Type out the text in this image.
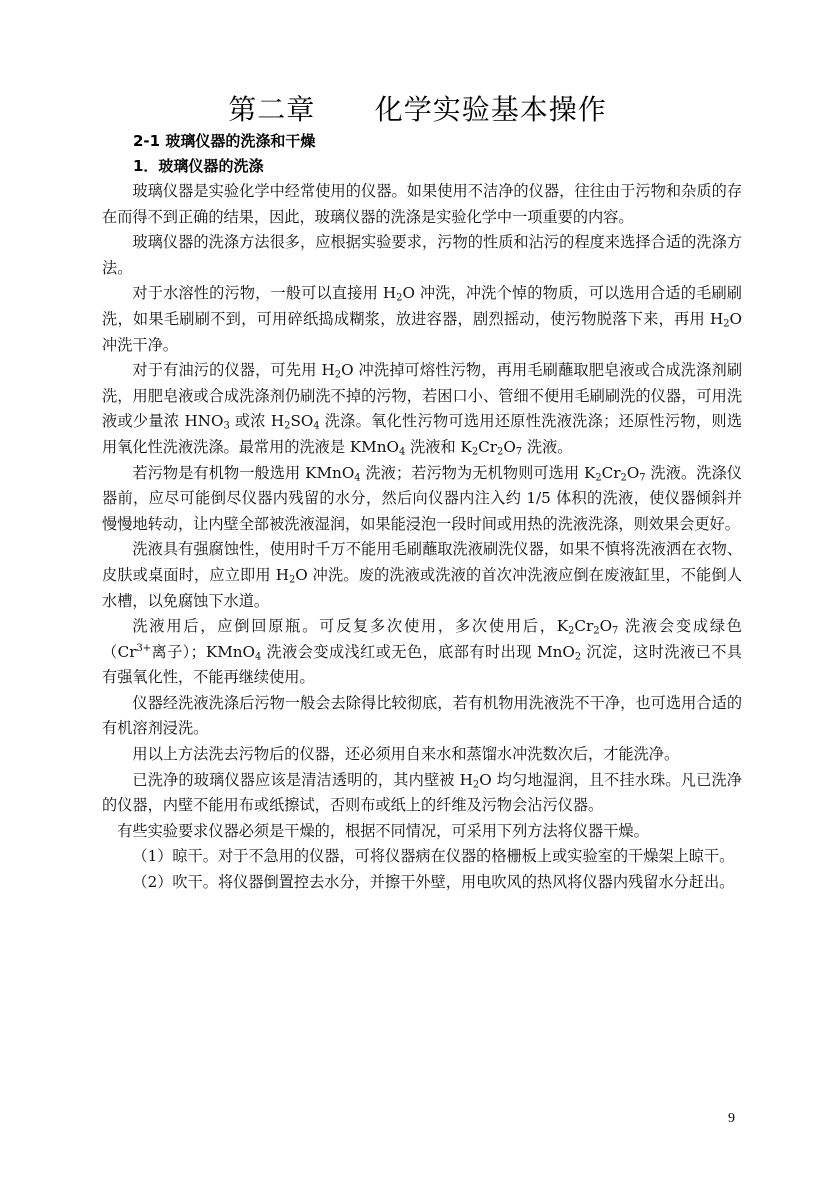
第二章      化学实验基本操作
2-1 玻璃仪器的洗涤和干燥
1．玻璃仪器的洗涤

玻璃仪器是实验化学中经常使用的仪器。如果使用不洁净的仪器，往往由于污物和杂质的存在而得不到正确的结果，因此，玻璃仪器的洗涤是实验化学中一项重要的内容。

玻璃仪器的洗涤方法很多，应根据实验要求，污物的性质和沾污的程度来选择合适的洗涤方法。

对于水溶性的污物，一般可以直接用 $H_2O$ 冲洗，冲洗个悼的物质，可以选用合适的毛刷刷洗，如果毛刷刷不到，可用碎纸捣成糊浆，放进容器，剧烈摇动，使污物脱落下来，再用 $H_2O$ 冲洗干净。

对于有油污的仪器，可先用 $H_2O$ 冲洗掉可熔性污物，再用毛刷蘸取肥皂液或合成洗涤剂刷洗，用肥皂液或合成洗涤剂仍刷洗不掉的污物，若困口小、管细不便用毛刷刷洗的仪器，可用洗液或少量浓 $HNO_3$ 或浓 $H_2SO_4$ 洗涤。氧化性污物可选用还原性洗液洗涤；还原性污物，则选用氧化性洗液洗涤。最常用的洗液是 KMnO$_4$ 洗液和 $K_2Cr_2O_7$ 洗液。

若污物是有机物一般选用 KMnO$_4$ 洗液；若污物为无机物则可选用 $K_2Cr_2O_7$ 洗液。洗涤仪器前，应尽可能倒尽仪器内残留的水分，然后向仪器内注入约 1/5 体积的洗液，使仪器倾斜并慢慢地转动，让内壁全部被洗液湿润，如果能浸泡一段时间或用热的洗液洗涤，则效果会更好。

洗液具有强腐蚀性，使用时千万不能用毛刷蘸取洗液刷洗仪器，如果不慎将洗液洒在衣物、皮肤或桌面时，应立即用 $H_2O$ 冲洗。废的洗液或洗液的首次冲洗液应倒在废液缸里，不能倒人水槽，以免腐蚀下水道。

洗液用后，应倒回原瓶。可反复多次使用，多次使用后，$K_2Cr_2O_7$ 洗液会变成绿色（$Cr^{3+}$离子）；KMnO$_4$ 洗液会变成浅红或无色，底部有时出现 MnO$_2$ 沉淀，这时洗液已不具有强氧化性，不能再继续使用。

仪器经洗液洗涤后污物一般会去除得比较彻底，若有机物用洗液洗不干净，也可选用合适的有机溶剂浸洗。

用以上方法洗去污物后的仪器，还必须用自来水和蒸馏水冲洗数次后，才能洗净。

已洗净的玻璃仪器应该是清洁透明的，其内壁被 $H_2O$ 均匀地湿润，且不挂水珠。凡已洗净的仪器，内壁不能用布或纸擦试，否则布或纸上的纤维及污物会沾污仪器。

有些实验要求仪器必须是干燥的，根据不同情况，可采用下列方法将仪器干燥。

（1）晾干。对于不急用的仪器，可将仪器病在仪器的格栅板上或实验室的干燥架上晾干。

（2）吹干。将仪器倒置控去水分，并擦干外壁，用电吹风的热风将仪器内残留水分赶出。

9
